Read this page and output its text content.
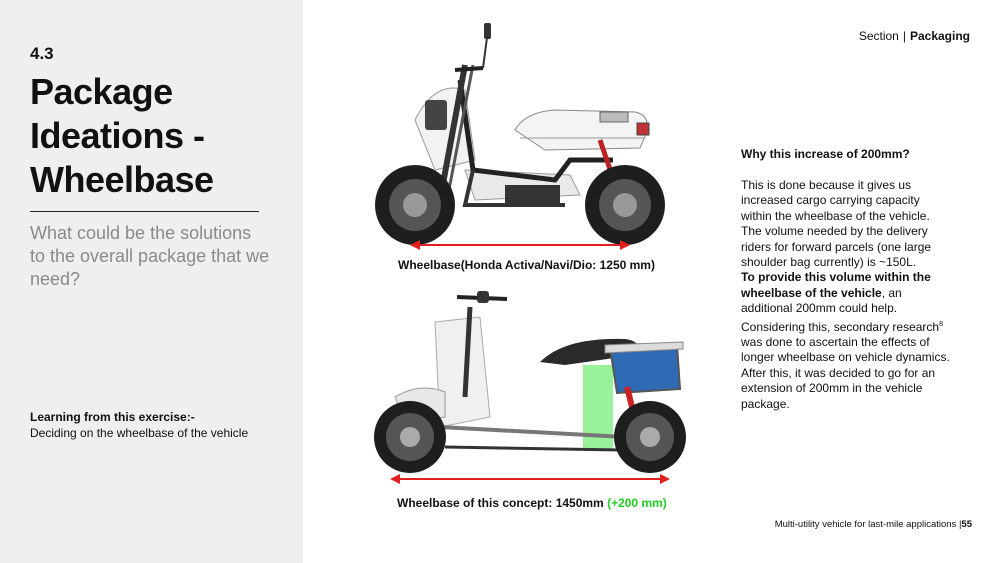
4.3
Package
Ideations -
Wheelbase
What could be the solutions to the overall package that we need?
Learning from this exercise:-
Deciding on the wheelbase of the vehicle
Section | Packaging
Wheelbase(Honda Activa/Navi/Dio: 1250 mm)
Wheelbase of this concept: 1450mm (+200 mm)
Why this increase of 200mm?

This is done because it gives us increased cargo carrying capacity within the wheelbase of the vehicle. The volume needed by the delivery riders for forward parcels (one large shoulder bag currently) is ~150L.

To provide this volume within the wheelbase of the vehicle, an additional 200mm could help. Considering this, secondary research$^8$ was done to ascertain the effects of longer wheelbase on vehicle dynamics.

After this, it was decided to go for an extension of 200mm in the vehicle package.

Multi-utility vehicle for last-mile applications |55
